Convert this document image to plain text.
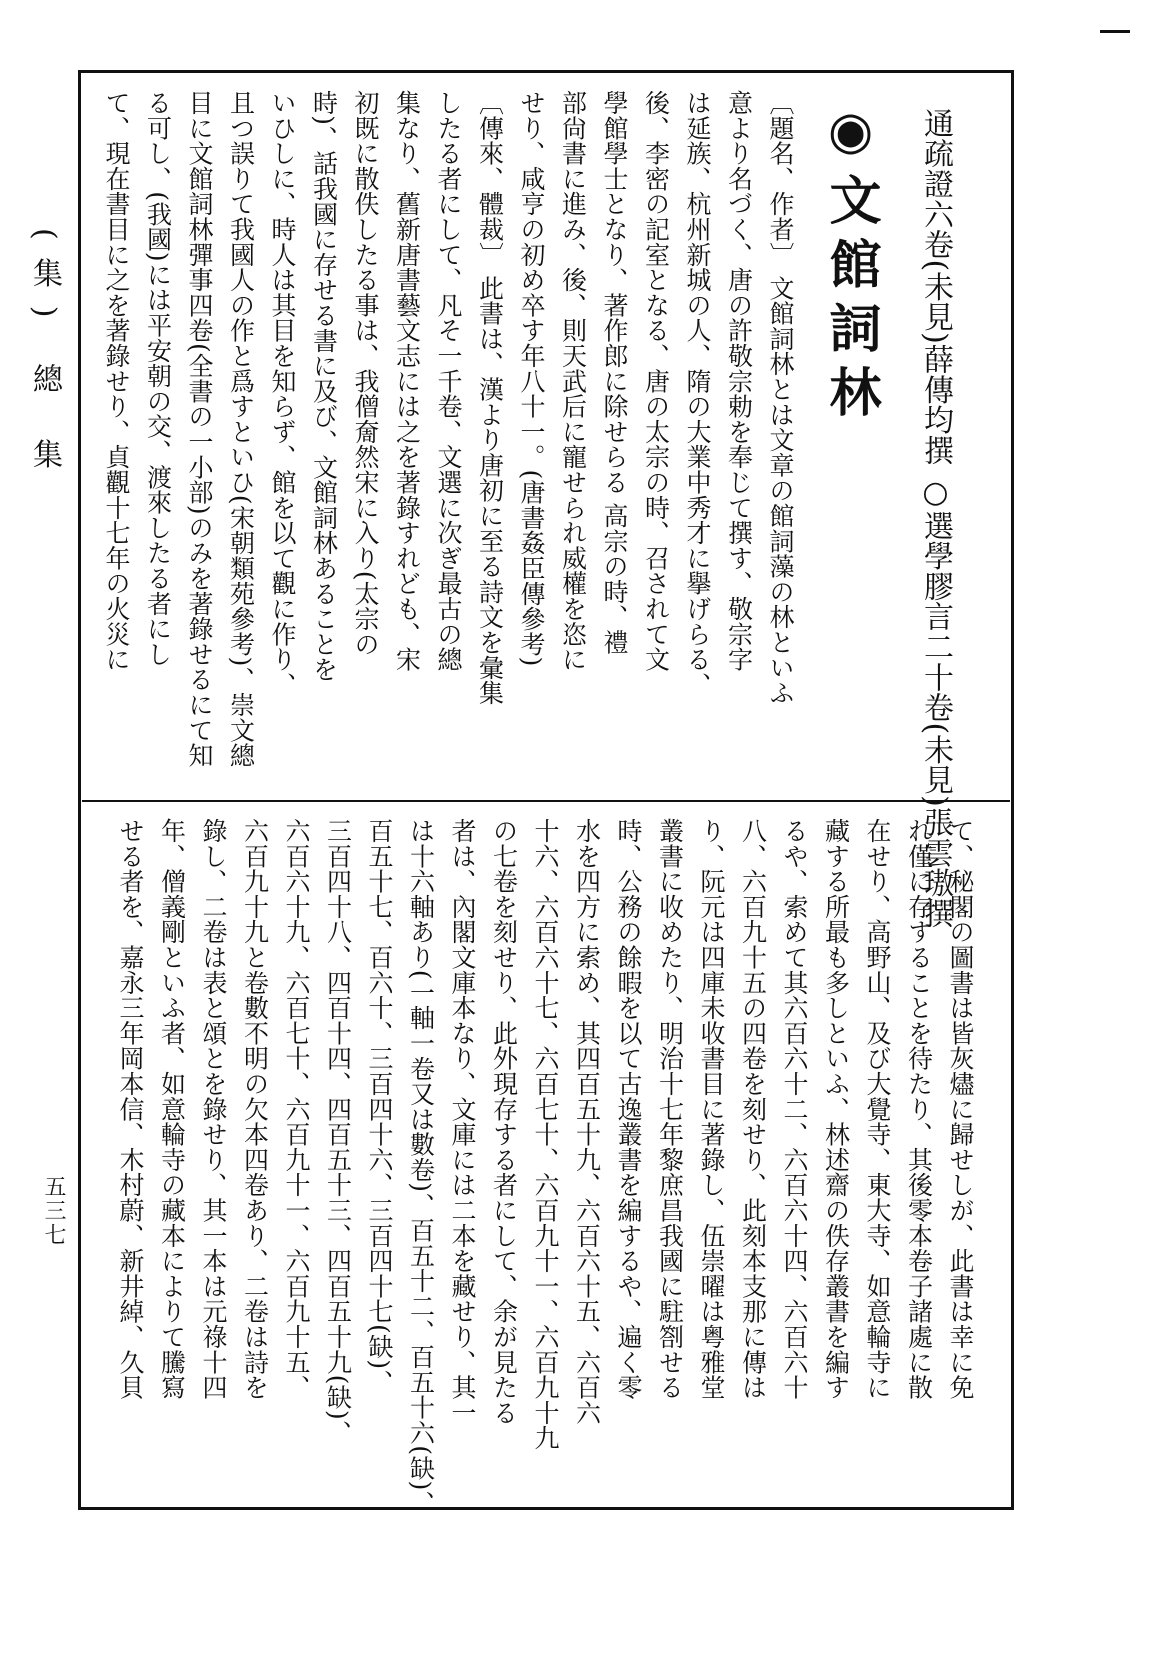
(集) 總 集
五三七
通疏證六卷(未見)薛傳均撰 ○選學膠言二十卷(未見)張雲璈撰
◉文館詞林
〔題名、作者〕 文館詞林とは文章の館詞藻の林といふ
意より名づく、唐の許敬宗勅を奉じて撰す、敬宗字
は延族、杭州新城の人、隋の大業中秀才に擧げらる、
後、李密の記室となる、唐の太宗の時、召されて文
學館學士となり、著作郎に除せらる 高宗の時、禮
部尙書に進み、後、則天武后に寵せられ威權を恣に
せり、咸亨の初め卒す年八十一。(唐書姦臣傳參考)
〔傳來、體裁〕 此書は、漢より唐初に至る詩文を彙集
したる者にして、凡そ一千卷、文選に次ぎ最古の總
集なり、舊新唐書藝文志には之を著錄すれども、宋
初既に散佚したる事は、我僧奝然宋に入り(太宗の
時)、話我國に存せる書に及び、文館詞林あることを
いひしに、時人は其目を知らず、館を以て觀に作り、
且つ誤りて我國人の作と爲すといひ(宋朝類苑參考)、崇文總
目に文館詞林彈事四卷(全書の一小部)のみを著錄せるにて知
る可し、(我國)には平安朝の交、渡來したる者にし
て、現在書目に之を著錄せり、貞觀十七年の火災に
て、秘閣の圖書は皆灰燼に歸せしが、此書は幸に免
れ僅に存することを待たり、其後零本卷子諸處に散
在せり、高野山、及び大覺寺、東大寺、如意輪寺に
藏する所最も多しといふ、林述齋の佚存叢書を編す
るや、索めて其六百六十二、六百六十四、六百六十
八、六百九十五の四卷を刻せり、此刻本支那に傳は
り、阮元は四庫未收書目に著錄し、伍崇曜は粤雅堂
叢書に收めたり、明治十七年黎庶昌我國に駐劄せる
時、公務の餘暇を以て古逸叢書を編するや、遍く零
水を四方に索め、其四百五十九、六百六十五、六百六
十六、六百六十七、六百七十、六百九十一、六百九十九
の七卷を刻せり、此外現存する者にして、余が見たる
者は、內閣文庫本なり、文庫には二本を藏せり、其一
は十六軸あり(一軸一卷又は數卷)、百五十二、百五十六(缺)、
百五十七、百六十、三百四十六、三百四十七(缺)、
三百四十八、四百十四、四百五十三、四百五十九(缺)、
六百六十九、六百七十、六百九十一、六百九十五、
六百九十九と卷數不明の欠本四卷あり、二卷は詩を
錄し、二卷は表と頌とを錄せり、其一本は元祿十四
年、僧義剛といふ者、如意輪寺の藏本によりて騰寫
せる者を、嘉永三年岡本信、木村蔚、新井綽、久貝
